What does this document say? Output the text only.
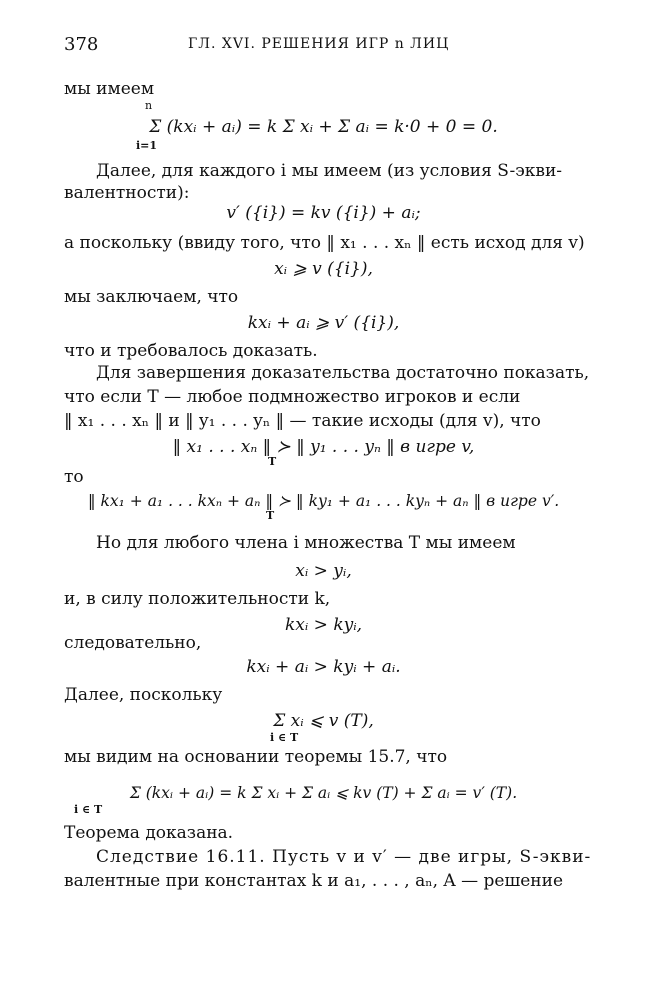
378	ГЛ. XVI. РЕШЕНИЯ ИГР n ЛИЦ
мы имеем
Σ (kxᵢ + aᵢ) = k Σ xᵢ + Σ aᵢ = k·0 + 0 = 0.
n
i=1
Далее, для каждого i мы имеем (из условия S-экви-
валентности):
v′ ({i}) = kv ({i}) + aᵢ;
а поскольку (ввиду того, что ‖ x₁ . . . xₙ ‖ есть исход для v)
xᵢ ⩾ v ({i}),
мы заключаем, что
kxᵢ + aᵢ ⩾ v′ ({i}),
что и требовалось доказать.
Для завершения доказательства достаточно показать,
что если T — любое подмножество игроков и если
‖ x₁ . . . xₙ ‖ и ‖ y₁ . . . yₙ ‖ — такие исходы (для v), что
‖ x₁ . . . xₙ ‖ ≻ ‖ y₁ . . . yₙ ‖ в игре v,
T
то
‖ kx₁ + a₁ . . . kxₙ + aₙ ‖ ≻ ‖ ky₁ + a₁ . . . kyₙ + aₙ ‖ в игре v′.
T
Но для любого члена i множества T мы имеем
xᵢ > yᵢ,
и, в силу положительности k,
kxᵢ > kyᵢ,
следовательно,
kxᵢ + aᵢ > kyᵢ + aᵢ.
Далее, поскольку
Σ xᵢ ⩽ v (T),
i ∈ T
мы видим на основании теоремы 15.7, что
Σ (kxᵢ + aᵢ) = k Σ xᵢ + Σ aᵢ ⩽ kv (T) + Σ aᵢ = v′ (T).
i ∈ T
Теорема доказана.
Следствие 16.11. Пусть v и v′ — две игры, S-экви-
валентные при константах k и a₁, . . . , aₙ, A — решение
